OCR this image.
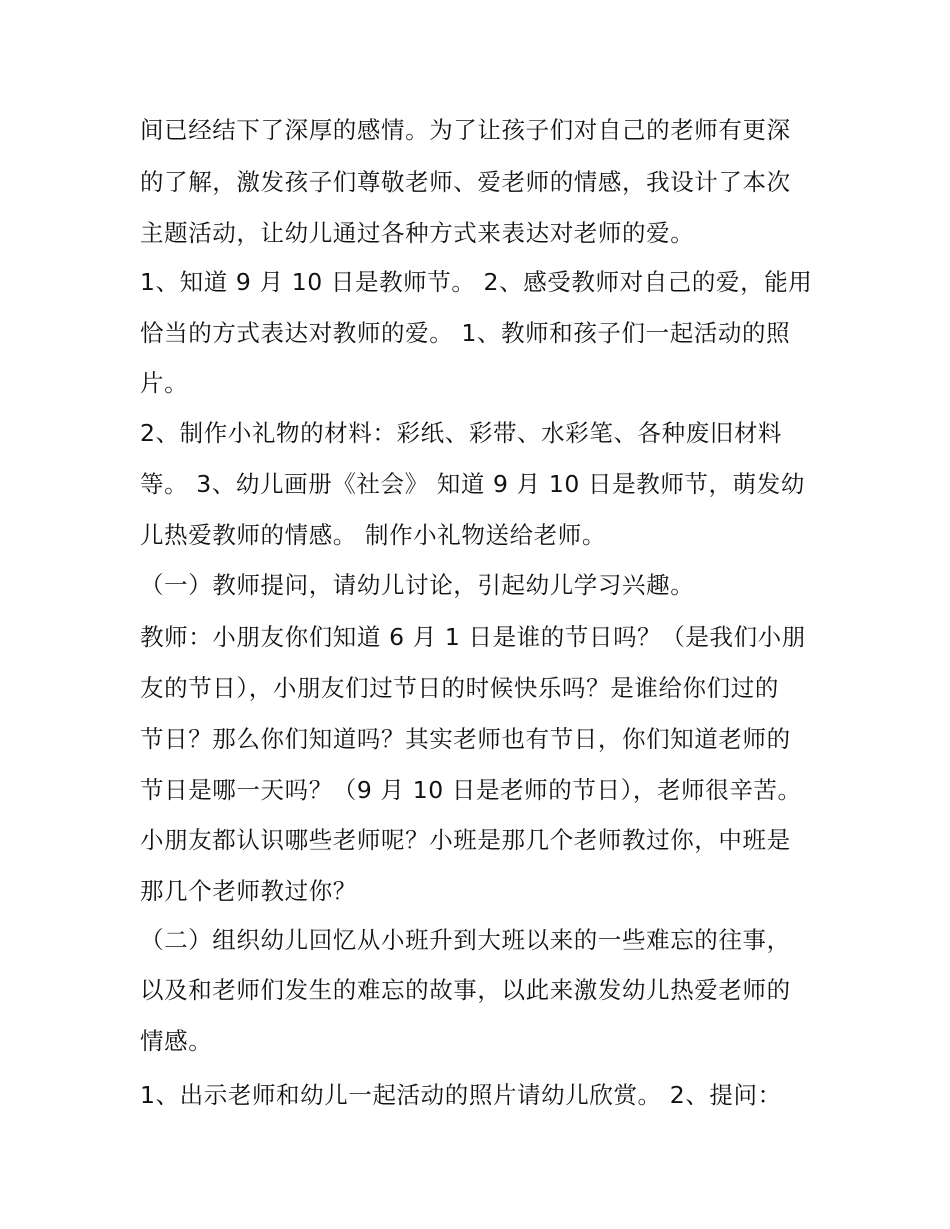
间已经结下了深厚的感情。为了让孩子们对自己的老师有更深
的了解，激发孩子们尊敬老师、爱老师的情感，我设计了本次
主题活动，让幼儿通过各种方式来表达对老师的爱。
1、知道 9 月 10 日是教师节。 2、感受教师对自己的爱，能用
恰当的方式表达对教师的爱。 1、教师和孩子们一起活动的照
片。
2、制作小礼物的材料：彩纸、彩带、水彩笔、各种废旧材料
等。 3、幼儿画册《社会》 知道 9 月 10 日是教师节，萌发幼
儿热爱教师的情感。 制作小礼物送给老师。
（一）教师提问，请幼儿讨论，引起幼儿学习兴趣。
教师：小朋友你们知道 6 月 1 日是谁的节日吗？（是我们小朋
友的节日），小朋友们过节日的时候快乐吗？是谁给你们过的
节日？那么你们知道吗？其实老师也有节日，你们知道老师的
节日是哪一天吗？（9 月 10 日是老师的节日），老师很辛苦。
小朋友都认识哪些老师呢？小班是那几个老师教过你，中班是
那几个老师教过你？
（二）组织幼儿回忆从小班升到大班以来的一些难忘的往事，
以及和老师们发生的难忘的故事，以此来激发幼儿热爱老师的
情感。
1、出示老师和幼儿一起活动的照片请幼儿欣赏。 2、提问：
